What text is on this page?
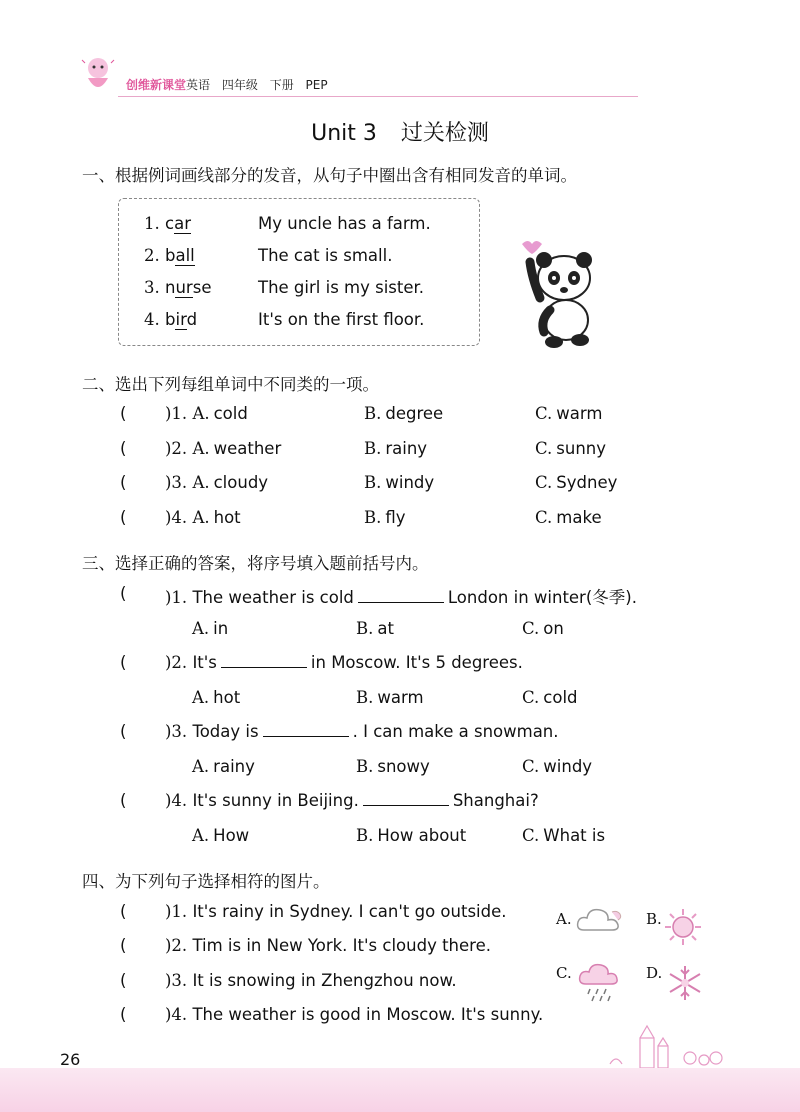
创维新课堂 英语 四年级 下册 PEP
Unit 3 过关检测
一、根据例词画线部分的发音，从句子中圈出含有相同发音的单词。
1. car	My uncle has a farm.
2. ball	The cat is small.
3. nurse	The girl is my sister.
4. bird	It's on the first floor.
二、选出下列每组单词中不同类的一项。
( )1. A. cold	B. degree	C. warm
( )2. A. weather	B. rainy	C. sunny
( )3. A. cloudy	B. windy	C. Sydney
( )4. A. hot	B. fly	C. make
三、选择正确的答案，将序号填入题前括号内。
( )1. The weather is cold	London in winter(冬季).
A. in	B. at	C. on
( )2. It's	in Moscow. It's 5 degrees.
A. hot	B. warm	C. cold
( )3. Today is	. I can make a snowman.
A. rainy	B. snowy	C. windy
( )4. It's sunny in Beijing.	Shanghai?
A. How	B. How about	C. What is
四、为下列句子选择相符的图片。
( )1. It's rainy in Sydney. I can't go outside.
( )2. Tim is in New York. It's cloudy there.
( )3. It is snowing in Zhengzhou now.
( )4. The weather is good in Moscow. It's sunny.
A.	B.
C.	D.
26
